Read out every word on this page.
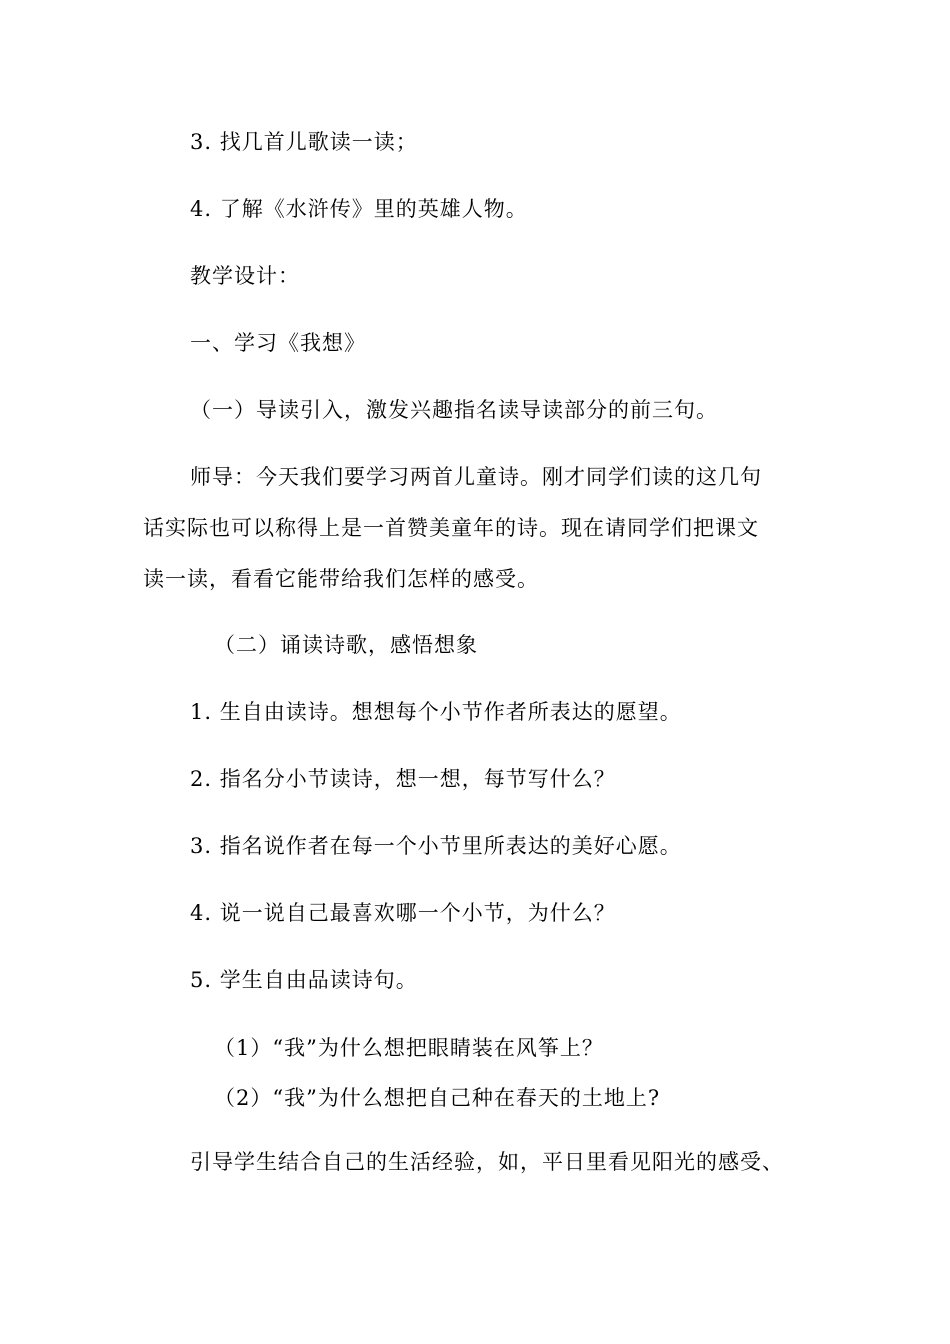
3. 找几首儿歌读一读；
4. 了解《水浒传》里的英雄人物。
教学设计：
一、学习《我想》
（一）导读引入，激发兴趣指名读导读部分的前三句。
师导：今天我们要学习两首儿童诗。刚才同学们读的这几句
话实际也可以称得上是一首赞美童年的诗。现在请同学们把课文
读一读，看看它能带给我们怎样的感受。
（二）诵读诗歌，感悟想象
1. 生自由读诗。想想每个小节作者所表达的愿望。
2. 指名分小节读诗，想一想，每节写什么？
3. 指名说作者在每一个小节里所表达的美好心愿。
4. 说一说自己最喜欢哪一个小节，为什么？
5. 学生自由品读诗句。
（1）“我”为什么想把眼睛装在风筝上？
（2）“我”为什么想把自己种在春天的土地上?
引导学生结合自己的生活经验，如，平日里看见阳光的感受、
